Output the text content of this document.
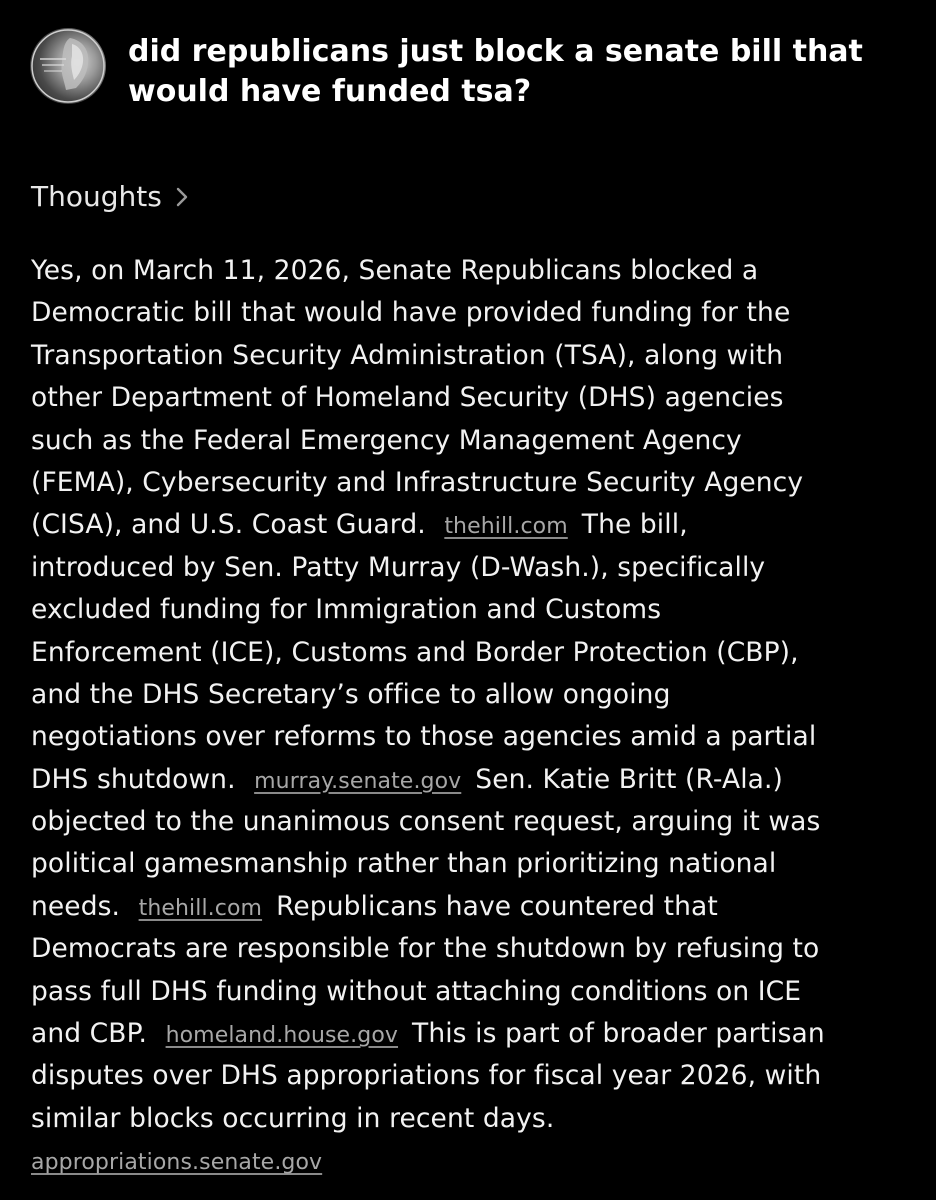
did republicans just block a senate bill that
would have funded tsa?
Thoughts
Yes, on March 11, 2026, Senate Republicans blocked a
Democratic bill that would have provided funding for the
Transportation Security Administration (TSA), along with
other Department of Homeland Security (DHS) agencies
such as the Federal Emergency Management Agency
(FEMA), Cybersecurity and Infrastructure Security Agency
(CISA), and U.S. Coast Guard. thehill.com The bill,
introduced by Sen. Patty Murray (D-Wash.), specifically
excluded funding for Immigration and Customs
Enforcement (ICE), Customs and Border Protection (CBP),
and the DHS Secretary’s office to allow ongoing
negotiations over reforms to those agencies amid a partial
DHS shutdown. murray.senate.gov Sen. Katie Britt (R-Ala.)
objected to the unanimous consent request, arguing it was
political gamesmanship rather than prioritizing national
needs. thehill.com Republicans have countered that
Democrats are responsible for the shutdown by refusing to
pass full DHS funding without attaching conditions on ICE
and CBP. homeland.house.gov This is part of broader partisan
disputes over DHS appropriations for fiscal year 2026, with
similar blocks occurring in recent days.
appropriations.senate.gov
